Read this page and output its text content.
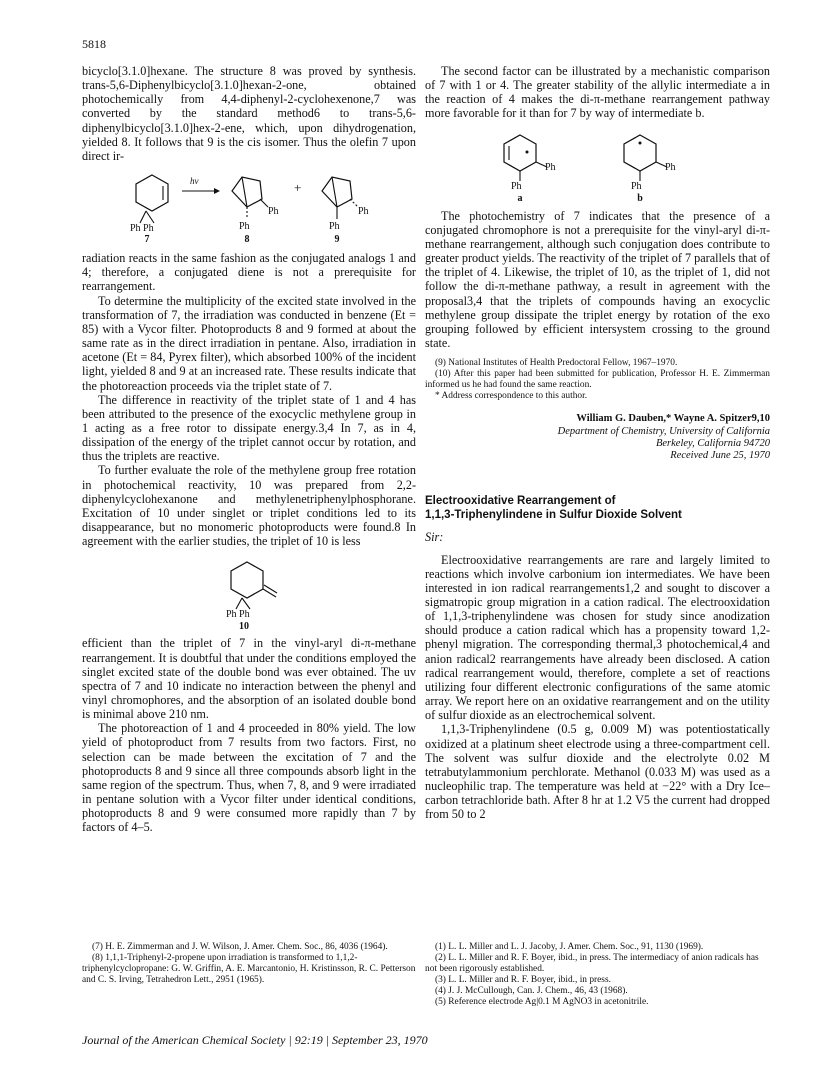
5818

bicyclo[3.1.0]hexane. The structure 8 was proved by synthesis. trans-5,6-Diphenylbicyclo[3.1.0]hexan-2-one, obtained photochemically from 4,4-diphenyl-2-cyclohexenone,7 was converted by the standard method6 to trans-5,6-diphenylbicyclo[3.1.0]hex-2-ene, which, upon dihydrogenation, yielded 8. It follows that 9 is the cis isomer. Thus the olefin 7 upon direct ir-

hν	+
Ph Ph	Ph
Ph
Ph
Ph
7	8	9

radiation reacts in the same fashion as the conjugated analogs 1 and 4; therefore, a conjugated diene is not a prerequisite for rearrangement.

To determine the multiplicity of the excited state involved in the transformation of 7, the irradiation was conducted in benzene (Et = 85) with a Vycor filter. Photoproducts 8 and 9 formed at about the same rate as in the direct irradiation in pentane. Also, irradiation in acetone (Et = 84, Pyrex filter), which absorbed 100% of the incident light, yielded 8 and 9 at an increased rate. These results indicate that the photoreaction proceeds via the triplet state of 7.

The difference in reactivity of the triplet state of 1 and 4 has been attributed to the presence of the exocyclic methylene group in 1 acting as a free rotor to dissipate energy.3,4 In 7, as in 4, dissipation of the energy of the triplet cannot occur by rotation, and thus the triplets are reactive.

To further evaluate the role of the methylene group free rotation in photochemical reactivity, 10 was prepared from 2,2-diphenylcyclohexanone and methylenetriphenylphosphorane. Excitation of 10 under singlet or triplet conditions led to its disappearance, but no monomeric photoproducts were found.8 In agreement with the earlier studies, the triplet of 10 is less

Ph Ph
10

efficient than the triplet of 7 in the vinyl-aryl di-π-methane rearrangement. It is doubtful that under the conditions employed the singlet excited state of the double bond was ever obtained. The uv spectra of 7 and 10 indicate no interaction between the phenyl and vinyl chromophores, and the absorption of an isolated double bond is minimal above 210 nm.

The photoreaction of 1 and 4 proceeded in 80% yield. The low yield of photoproduct from 7 results from two factors. First, no selection can be made between the excitation of 7 and the photoproducts 8 and 9 since all three compounds absorb light in the same region of the spectrum. Thus, when 7, 8, and 9 were irradiated in pentane solution with a Vycor filter under identical conditions, photoproducts 8 and 9 were consumed more rapidly than 7 by factors of 4–5.

The second factor can be illustrated by a mechanistic comparison of 7 with 1 or 4. The greater stability of the allylic intermediate a in the reaction of 4 makes the di-π-methane rearrangement pathway more favorable for it than for 7 by way of intermediate b.

Ph
Ph
Ph
Ph
a	b

The photochemistry of 7 indicates that the presence of a conjugated chromophore is not a prerequisite for the vinyl-aryl di-π-methane rearrangement, although such conjugation does contribute to greater product yields. The reactivity of the triplet of 7 parallels that of the triplet of 4. Likewise, the triplet of 10, as the triplet of 1, did not follow the di-π-methane pathway, a result in agreement with the proposal3,4 that the triplets of compounds having an exocyclic methylene group dissipate the triplet energy by rotation of the exo grouping followed by efficient intersystem crossing to the ground state.

(9) National Institutes of Health Predoctoral Fellow, 1967–1970.

(10) After this paper had been submitted for publication, Professor H. E. Zimmerman informed us he had found the same reaction.

* Address correspondence to this author.

William G. Dauben,* Wayne A. Spitzer9,10
Department of Chemistry, University of California
Berkeley, California 94720
Received June 25, 1970
Electrooxidative Rearrangement of
1,1,3-Triphenylindene in Sulfur Dioxide Solvent
Sir:

Electrooxidative rearrangements are rare and largely limited to reactions which involve carbonium ion intermediates. We have been interested in ion radical rearrangements1,2 and sought to discover a sigmatropic group migration in a cation radical. The electrooxidation of 1,1,3-triphenylindene was chosen for study since anodization should produce a cation radical which has a propensity toward 1,2-phenyl migration. The corresponding thermal,3 photochemical,4 and anion radical2 rearrangements have already been disclosed. A cation radical rearrangement would, therefore, complete a set of reactions utilizing four different electronic configurations of the same atomic array. We report here on an oxidative rearrangement and on the utility of sulfur dioxide as an electrochemical solvent.

1,1,3-Triphenylindene (0.5 g, 0.009 M) was potentiostatically oxidized at a platinum sheet electrode using a three-compartment cell. The solvent was sulfur dioxide and the electrolyte 0.02 M tetrabutylammonium perchlorate. Methanol (0.033 M) was used as a nucleophilic trap. The temperature was held at −22° with a Dry Ice–carbon tetrachloride bath. After 8 hr at 1.2 V5 the current had dropped from 50 to 2

(7) H. E. Zimmerman and J. W. Wilson, J. Amer. Chem. Soc., 86, 4036 (1964).

(8) 1,1,1-Triphenyl-2-propene upon irradiation is transformed to 1,1,2-triphenylcyclopropane: G. W. Griffin, A. E. Marcantonio, H. Kristinsson, R. C. Petterson and C. S. Irving, Tetrahedron Lett., 2951 (1965).

(1) L. L. Miller and L. J. Jacoby, J. Amer. Chem. Soc., 91, 1130 (1969).

(2) L. L. Miller and R. F. Boyer, ibid., in press. The intermediacy of anion radicals has not been rigorously established.

(3) L. L. Miller and R. F. Boyer, ibid., in press.

(4) J. J. McCullough, Can. J. Chem., 46, 43 (1968).

(5) Reference electrode Ag|0.1 M AgNO3 in acetonitrile.

Journal of the American Chemical Society | 92:19 | September 23, 1970
